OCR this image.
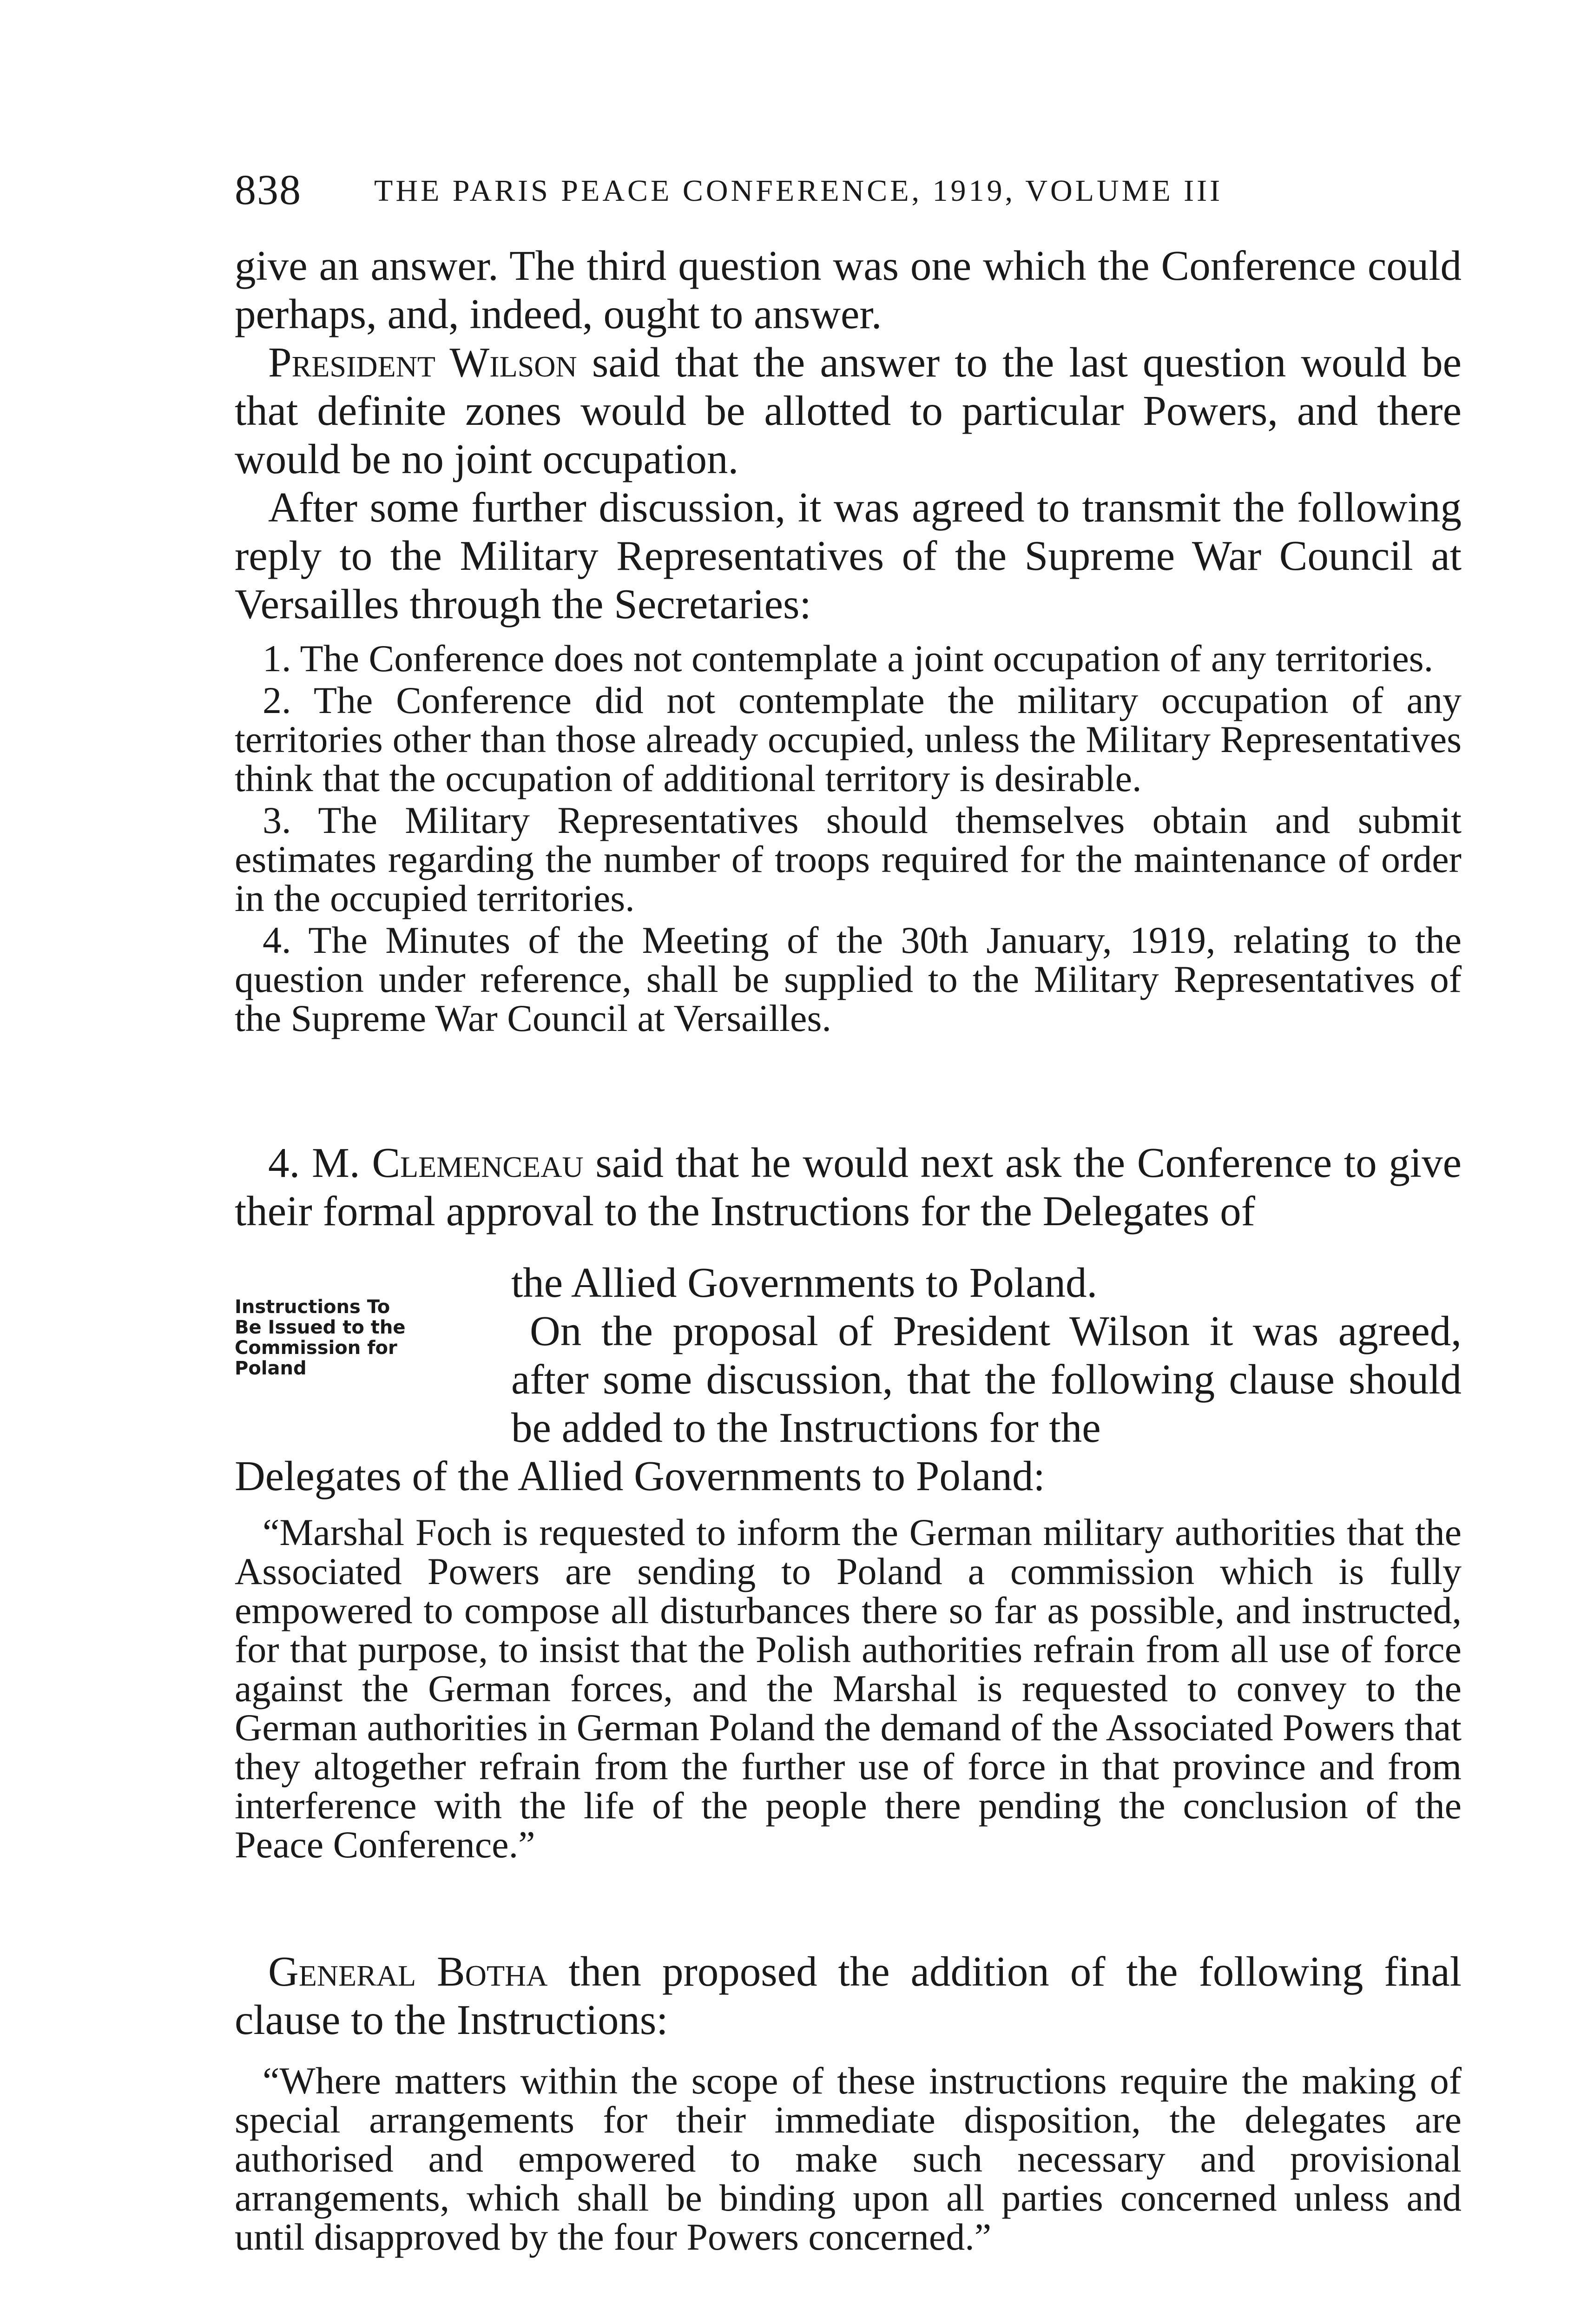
838 THE PARIS PEACE CONFERENCE, 1919, VOLUME III

give an answer. The third question was one which the Conference could perhaps, and, indeed, ought to answer.

President Wilson said that the answer to the last question would be that definite zones would be allotted to particular Powers, and there would be no joint occupation.

After some further discussion, it was agreed to transmit the following reply to the Military Representatives of the Supreme War Council at Versailles through the Secretaries:

1. The Conference does not contemplate a joint occupation of any territories.

2. The Conference did not contemplate the military occupation of any territories other than those already occupied, unless the Military Representatives think that the occupation of additional territory is desirable.

3. The Military Representatives should themselves obtain and submit estimates regarding the number of troops required for the maintenance of order in the occupied territories.

4. The Minutes of the Meeting of the 30th January, 1919, relating to the question under reference, shall be supplied to the Military Representatives of the Supreme War Council at Versailles.

4. M. Clemenceau said that he would next ask the Conference to give their formal approval to the Instructions for the Delegates of

the Allied Governments to Poland.

On the proposal of President Wilson it was agreed, after some discussion, that the following clause should be added to the Instructions for the

Instructions To
Be Issued to the
Commission for
Poland

Delegates of the Allied Governments to Poland:

“Marshal Foch is requested to inform the German military authorities that the Associated Powers are sending to Poland a commission which is fully empowered to compose all disturbances there so far as possible, and instructed, for that purpose, to insist that the Polish authorities refrain from all use of force against the German forces, and the Marshal is requested to convey to the German authorities in German Poland the demand of the Associated Powers that they altogether refrain from the further use of force in that province and from interference with the life of the people there pending the conclusion of the Peace Conference.”

General Botha then proposed the addition of the following final clause to the Instructions:

“Where matters within the scope of these instructions require the making of special arrangements for their immediate disposition, the delegates are authorised and empowered to make such necessary and provisional arrangements, which shall be binding upon all parties concerned unless and until disapproved by the four Powers concerned.”
